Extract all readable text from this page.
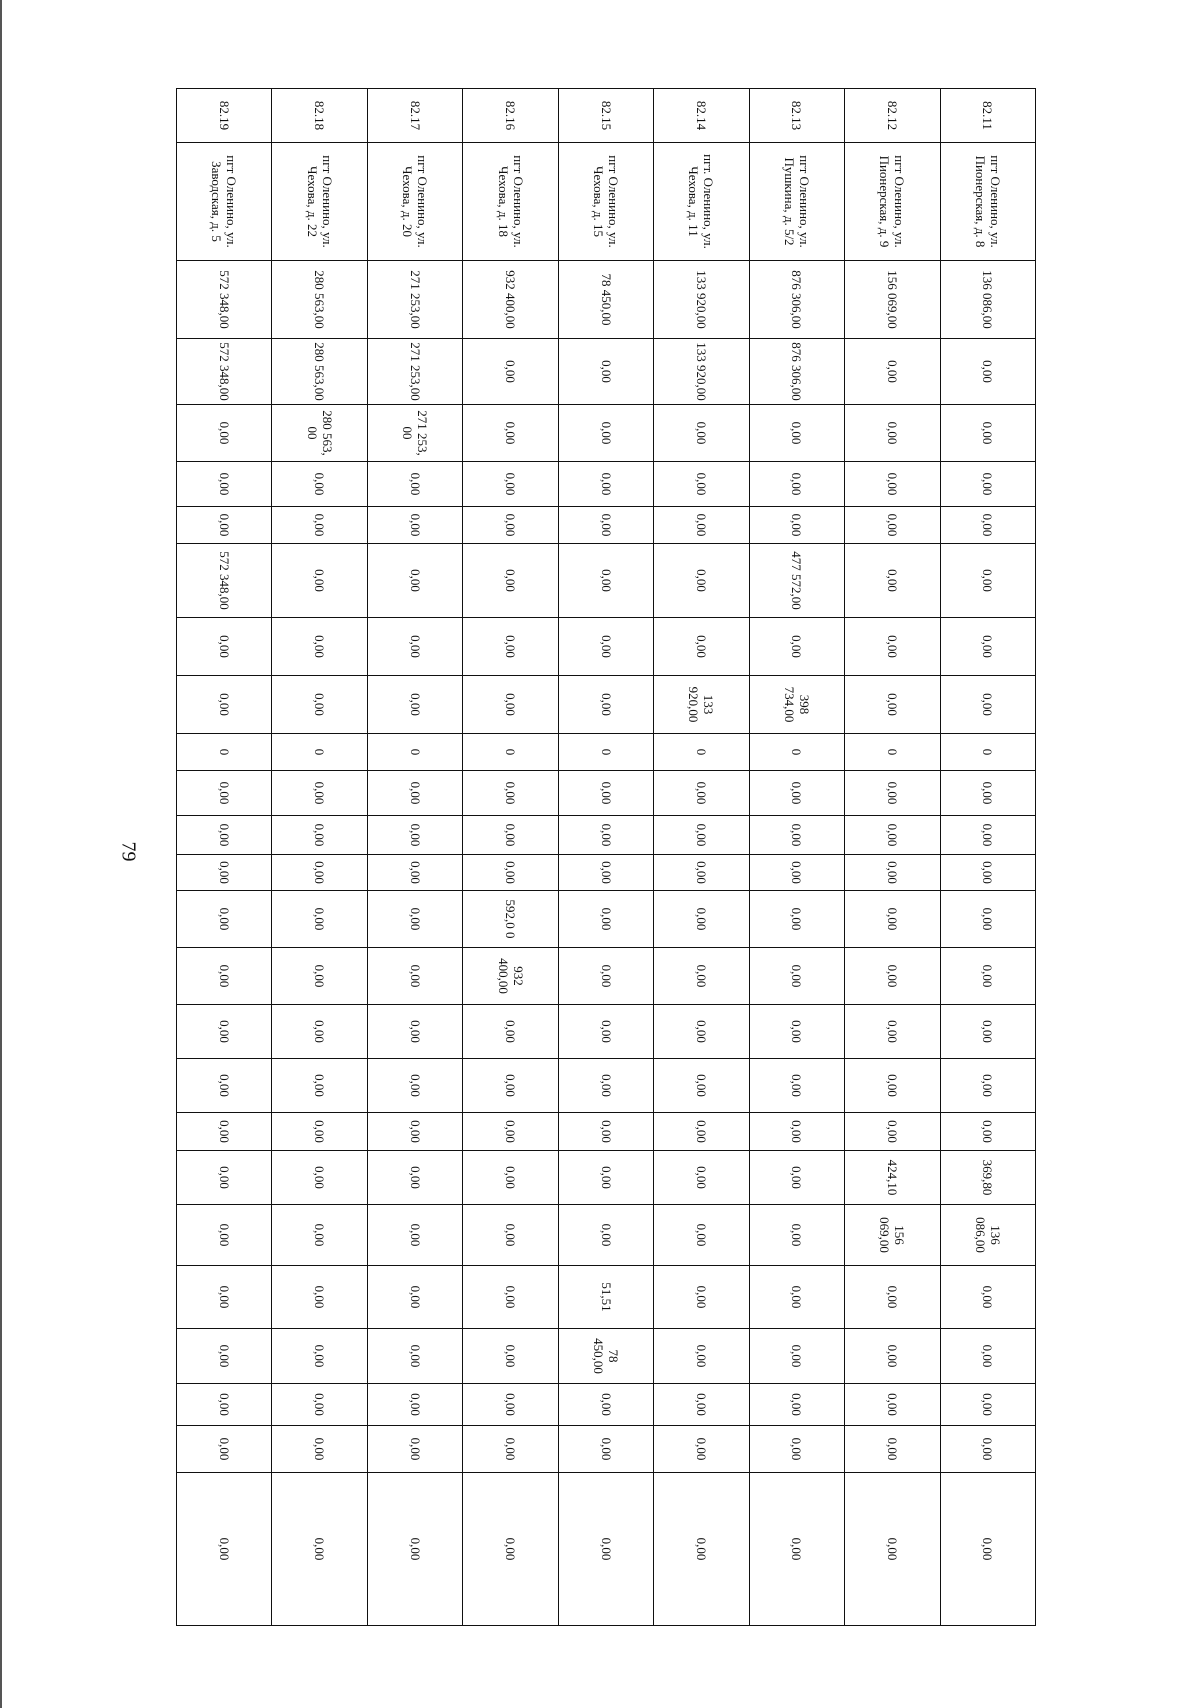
79
82.11	пгт Оленино, ул. Пионерская, д. 8	136 086,00	0,00	0,00	0,00	0,00	0,00	0,00	0,00	0	0,00	0,00	0,00	0,00	0,00	0,00	0,00	0,00	369,80	136 086,00	0,00	0,00	0,00	0,00	0,00
82.12	пгт Оленино, ул. Пионерская, д. 9	156 069,00	0,00	0,00	0,00	0,00	0,00	0,00	0,00	0	0,00	0,00	0,00	0,00	0,00	0,00	0,00	0,00	424,10	156 069,00	0,00	0,00	0,00	0,00	0,00
82.13	пгт Оленино, ул. Пушкина, д. 5/2	876 306,00	876 306,00	0,00	0,00	0,00	477 572,00	0,00	398 734,00	0	0,00	0,00	0,00	0,00	0,00	0,00	0,00	0,00	0,00	0,00	0,00	0,00	0,00	0,00	0,00
82.14	пгт. Оленино, ул. Чехова, д. 11	133 920,00	133 920,00	0,00	0,00	0,00	0,00	0,00	133 920,00	0	0,00	0,00	0,00	0,00	0,00	0,00	0,00	0,00	0,00	0,00	0,00	0,00	0,00	0,00	0,00
82.15	пгт Оленино, ул. Чехова, д. 15	78 450,00	0,00	0,00	0,00	0,00	0,00	0,00	0,00	0	0,00	0,00	0,00	0,00	0,00	0,00	0,00	0,00	0,00	0,00	51,51	78 450,00	0,00	0,00	0,00
82.16	пгт Оленино, ул. Чехова, д. 18	932 400,00	0,00	0,00	0,00	0,00	0,00	0,00	0,00	0	0,00	0,00	0,00	592,0 0	932 400,00	0,00	0,00	0,00	0,00	0,00	0,00	0,00	0,00	0,00	0,00
82.17	пгт Оленино, ул. Чехова, д. 20	271 253,00	271 253,00	271 253, 00	0,00	0,00	0,00	0,00	0,00	0	0,00	0,00	0,00	0,00	0,00	0,00	0,00	0,00	0,00	0,00	0,00	0,00	0,00	0,00	0,00
82.18	пгт Оленино, ул. Чехова, д. 22	280 563,00	280 563,00	280 563, 00	0,00	0,00	0,00	0,00	0,00	0	0,00	0,00	0,00	0,00	0,00	0,00	0,00	0,00	0,00	0,00	0,00	0,00	0,00	0,00	0,00
82.19	пгт Оленино, ул. Заводская, д. 5	572 348,00	572 348,00	0,00	0,00	0,00	572 348,00	0,00	0,00	0	0,00	0,00	0,00	0,00	0,00	0,00	0,00	0,00	0,00	0,00	0,00	0,00	0,00	0,00	0,00
